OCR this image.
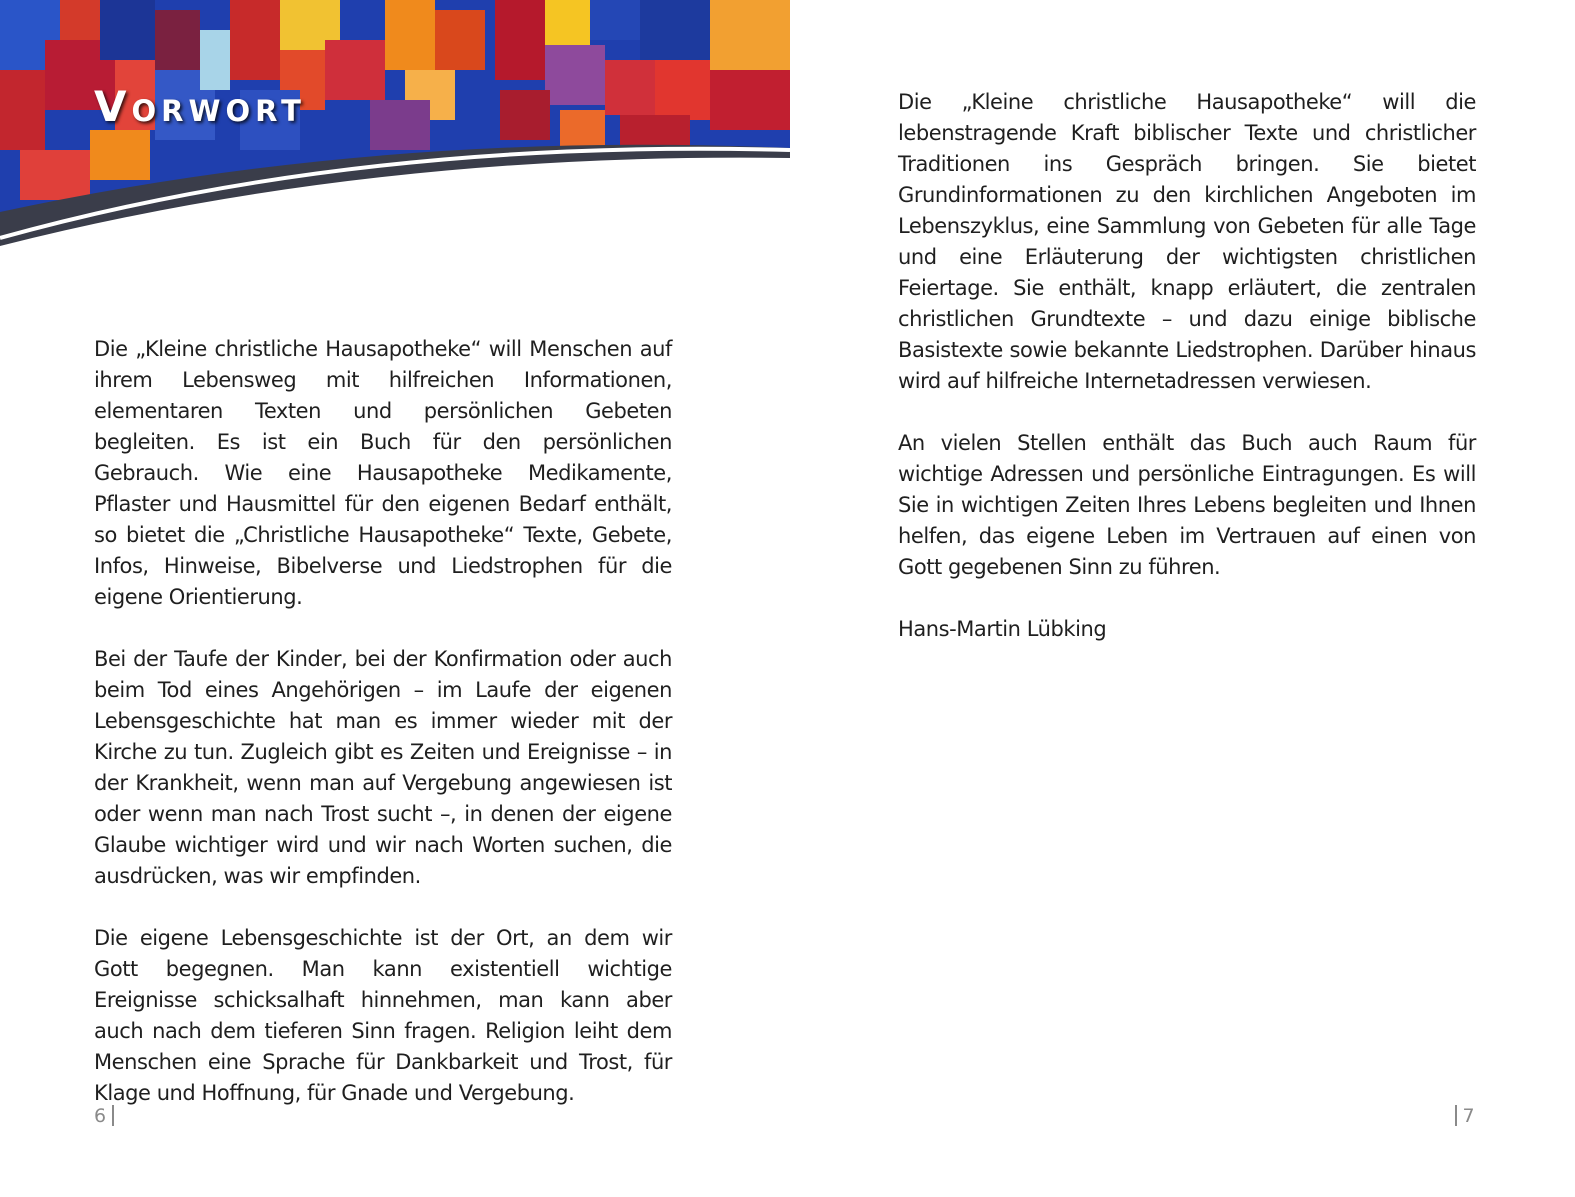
Vorwort

Die „Kleine christliche Hausapotheke“ will Menschen auf ihrem Lebensweg mit hilfreichen Informationen, elementaren Texten und persönlichen Gebeten begleiten. Es ist ein Buch für den persönlichen Gebrauch. Wie eine Hausapotheke Medikamente, Pflaster und Hausmittel für den eigenen Bedarf enthält, so bietet die „Christliche Hausapotheke“ Texte, Gebete, Infos, Hinweise, Bibelverse und Liedstrophen für die eigene Orientierung.

Bei der Taufe der Kinder, bei der Konfirmation oder auch beim Tod eines Angehörigen – im Laufe der eigenen Lebensgeschichte hat man es immer wieder mit der Kirche zu tun. Zugleich gibt es Zeiten und Ereignisse – in der Krankheit, wenn man auf Vergebung angewiesen ist oder wenn man nach Trost sucht –, in denen der eigene Glaube wichtiger wird und wir nach Worten suchen, die ausdrücken, was wir empfinden.

Die eigene Lebensgeschichte ist der Ort, an dem wir Gott begegnen. Man kann existentiell wichtige Ereignisse schicksalhaft hinnehmen, man kann aber auch nach dem tieferen Sinn fragen. Religion leiht dem Menschen eine Sprache für Dankbarkeit und Trost, für Klage und Hoffnung, für Gnade und Vergebung.

6

Die „Kleine christliche Hausapotheke“ will die lebenstragende Kraft biblischer Texte und christlicher Traditionen ins Gespräch bringen. Sie bietet Grundinformationen zu den kirchlichen Angeboten im Lebenszyklus, eine Sammlung von Gebeten für alle Tage und eine Erläuterung der wichtigsten christlichen Feiertage. Sie enthält, knapp erläutert, die zentralen christlichen Grundtexte – und dazu einige biblische Basistexte sowie bekannte Liedstrophen. Darüber hinaus wird auf hilfreiche Internetadressen verwiesen.

An vielen Stellen enthält das Buch auch Raum für wichtige Adressen und persönliche Eintragungen. Es will Sie in wichtigen Zeiten Ihres Lebens begleiten und Ihnen helfen, das eigene Leben im Vertrauen auf einen von Gott gegebenen Sinn zu führen.

Hans-Martin Lübking

7
